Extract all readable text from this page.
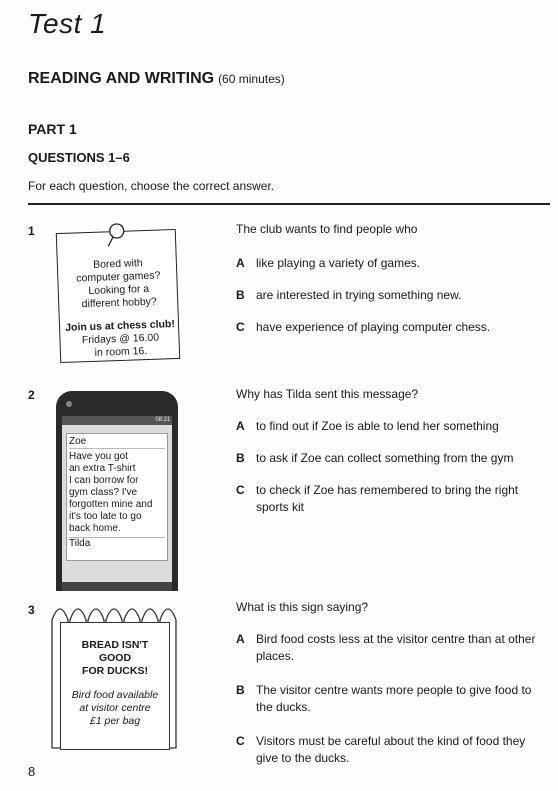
Test 1
READING AND WRITING (60 minutes)
PART 1
QUESTIONS 1–6
For each question, choose the correct answer.
1
Bored with
computer games?
Looking for a
different hobby?
Join us at chess club!
Fridays @ 16.00
in room 16.
The club wants to find people who
A like playing a variety of games.
B are interested in trying something new.
C have experience of playing computer chess.
2
08:21
Zoe
Have you got
an extra T-shirt
I can borrow for
gym class? I've
forgotten mine and
it's too late to go
back home.
Tilda
Why has Tilda sent this message?
A to find out if Zoe is able to lend her something
B to ask if Zoe can collect something from the gym
C to check if Zoe has remembered to bring the right sports kit
3
BREAD ISN'T
GOOD
FOR DUCKS!
Bird food available
at visitor centre
£1 per bag
What is this sign saying?
A Bird food costs less at the visitor centre than at other places.
B The visitor centre wants more people to give food to the ducks.
C Visitors must be careful about the kind of food they give to the ducks.
8
